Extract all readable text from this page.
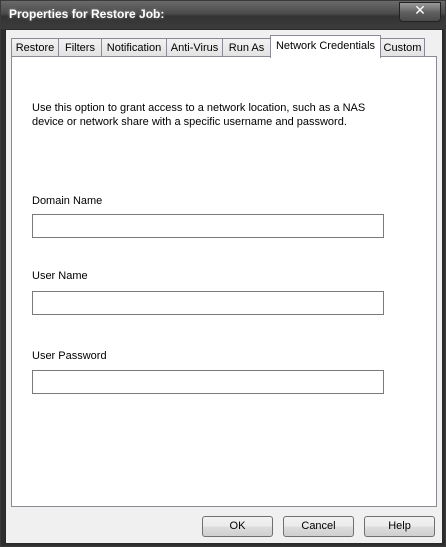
Properties for Restore Job:	✕
Restore Filters	Notification Anti-Virus Run As	Network Credentials Custom
Use this option to grant access to a network location, such as a NAS device or network share with a specific username and password.
Domain Name
User Name
User Password
OK	Cancel	Help
